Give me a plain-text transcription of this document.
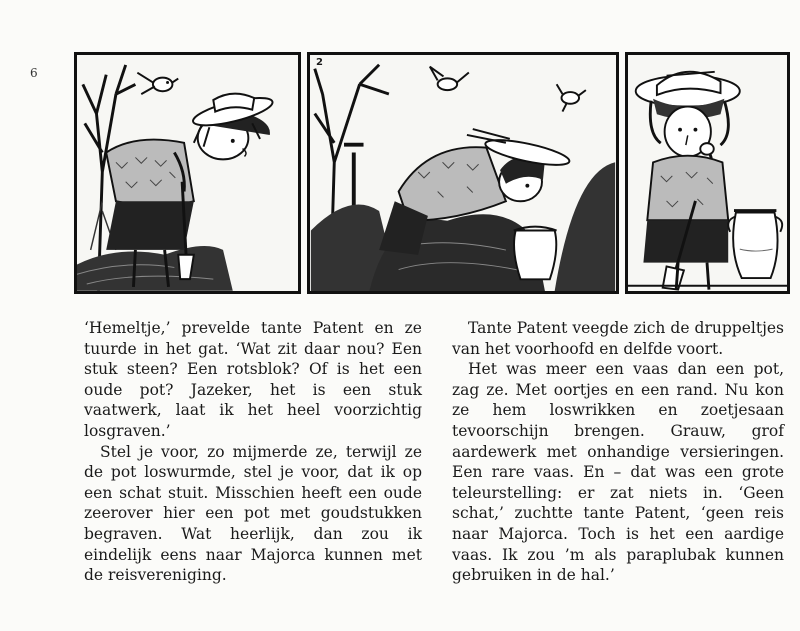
6
2

‘Hemeltje,’ prevelde tante Patent en ze tuurde in het gat. ‘Wat zit daar nou? Een stuk steen? Een rotsblok? Of is het een oude pot? Jazeker, het is een stuk vaatwerk, laat ik het heel voorzichtig losgraven.’

Stel je voor, zo mijmerde ze, terwijl ze de pot loswurmde, stel je voor, dat ik op een schat stuit. Misschien heeft een oude zeerover hier een pot met goudstukken begraven. Wat heerlijk, dan zou ik eindelijk eens naar Majorca kunnen met de reisvereniging.

Tante Patent veegde zich de druppeltjes van het voorhoofd en delfde voort.

Het was meer een vaas dan een pot, zag ze. Met oortjes en een rand. Nu kon ze hem loswrikken en zoetjesaan tevoorschijn brengen. Grauw, grof aardewerk met onhandige versieringen. Een rare vaas. En – dat was een grote teleurstelling: er zat niets in. ‘Geen schat,’ zuchtte tante Patent, ‘geen reis naar Majorca. Toch is het een aardige vaas. Ik zou ’m als paraplubak kunnen gebruiken in de hal.’
